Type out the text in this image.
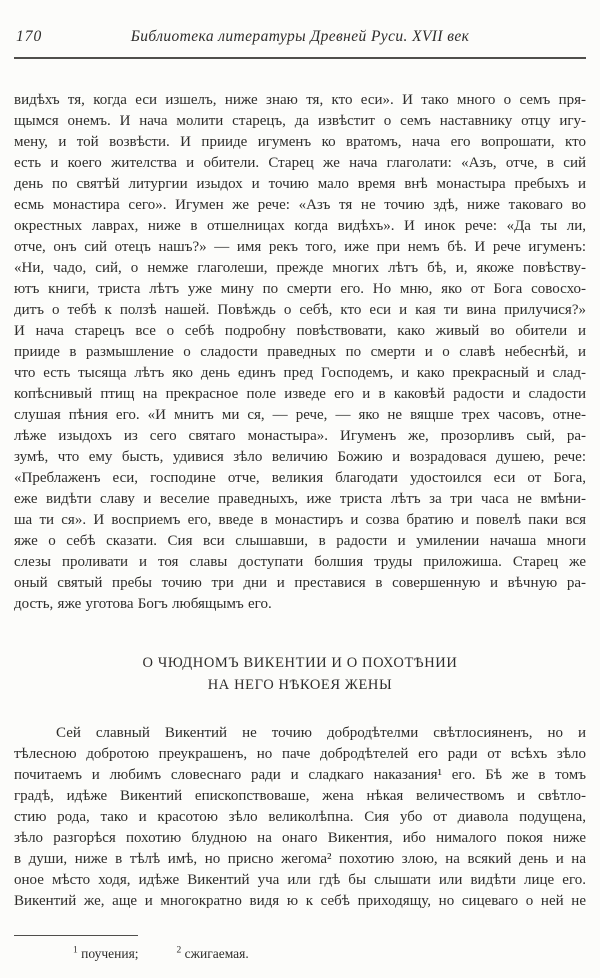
170	Библиотека литературы Древней Руси. XVII век
видѣхъ тя, когда еси изшелъ, ниже знаю тя, кто еси». И тако много о семъ пря-
щымся онемъ. И нача молити старецъ, да извѣстит о семъ наставнику отцу игу-
мену, и той возвѣсти. И прииде игуменъ ко вратомъ, нача его вопрошати, кто
есть и коего жителства и обители. Старец же нача глаголати: «Азъ, отче, в сий
день по святѣй литургии изыдох и точию мало время внѣ монастыра пребыхъ и
есмь монастира сего». Игумен же рече: «Азъ тя не точию здѣ, ниже таковаго во
окрестных лаврах, ниже в отшелницах когда видѣхъ». И инок рече: «Да ты ли,
отче, онъ сий отецъ нашъ?» — имя рекъ того, иже при немъ бѣ. И рече игуменъ:
«Ни, чадо, сий, о немже глаголеши, прежде многих лѣтъ бѣ, и, якоже повѣству-
ютъ книги, триста лѣтъ уже мину по смерти его. Но мню, яко от Бога совосхо-
дитъ о тебѣ к ползѣ нашей. Повѣждь о себѣ, кто еси и кая ти вина прилучися?»
И нача старецъ все о себѣ подробну повѣствовати, како живый во обители и
прииде в размышление о сладости праведных по смерти и о славѣ небеснѣй, и
что есть тысяща лѣтъ яко день единъ пред Господемъ, и како прекрасный и слад-
копѣснивый птищ на прекрасное поле изведе его и в каковѣй радости и сладости
слушая пѣния его. «И мнитъ ми ся, — рече, — яко не вящше трех часовъ, отне-
лѣже изыдохъ из сего святаго монастыра». Игуменъ же, прозорливъ сый, ра-
зумѣ, что ему бысть, удивися зѣло величию Божию и возрадовася душею, рече:
«Преблаженъ еси, господине отче, великия благодати удостоился еси от Бога,
еже видѣти славу и веселие праведныхъ, иже триста лѣтъ за три часа не вмѣни-
ша ти ся». И восприемъ его, введе в монастиръ и созва братию и повелѣ паки вся
яже о себѣ сказати. Сия вси слышавши, в радости и умилении начаша многи
слезы проливати и тоя славы доступати болшия труды приложиша. Старец же
оный святый пребы точию три дни и преставися в совершенную и вѣчную ра-
дость, яже уготова Богъ любящымъ его.
О ЧЮДНОМЪ ВИКЕНТИИ И О ПОХОТѢНИИ
НА НЕГО НѢКОЕЯ ЖЕНЫ
Сей славный Викентий не точию добродѣтелми свѣтлосияненъ, но и
тѣлесною добротою преукрашенъ, но паче добродѣтелей его ради от всѣхъ зѣло
почитаемъ и любимъ словеснаго ради и сладкаго наказания¹ его. Бѣ же в томъ
градѣ, идѣже Викентий епископствоваше, жена нѣкая величествомъ и свѣтло-
стию рода, тако и красотою зѣло великолѣпна. Сия убо от диавола подущена,
зѣло разгорѣся похотию блудною на онаго Викентия, ибо нималого покоя ниже
в души, ниже в тѣлѣ имѣ, но присно жегома² похотию злою, на всякий день и на
оное мѣсто ходя, идѣже Викентий уча или гдѣ бы слышати или видѣти лице его.
Викентий же, аще и многократно видя ю к себѣ приходящу, но сицеваго о ней не
$^1$ поучения;	$^2$ сжигаемая.
